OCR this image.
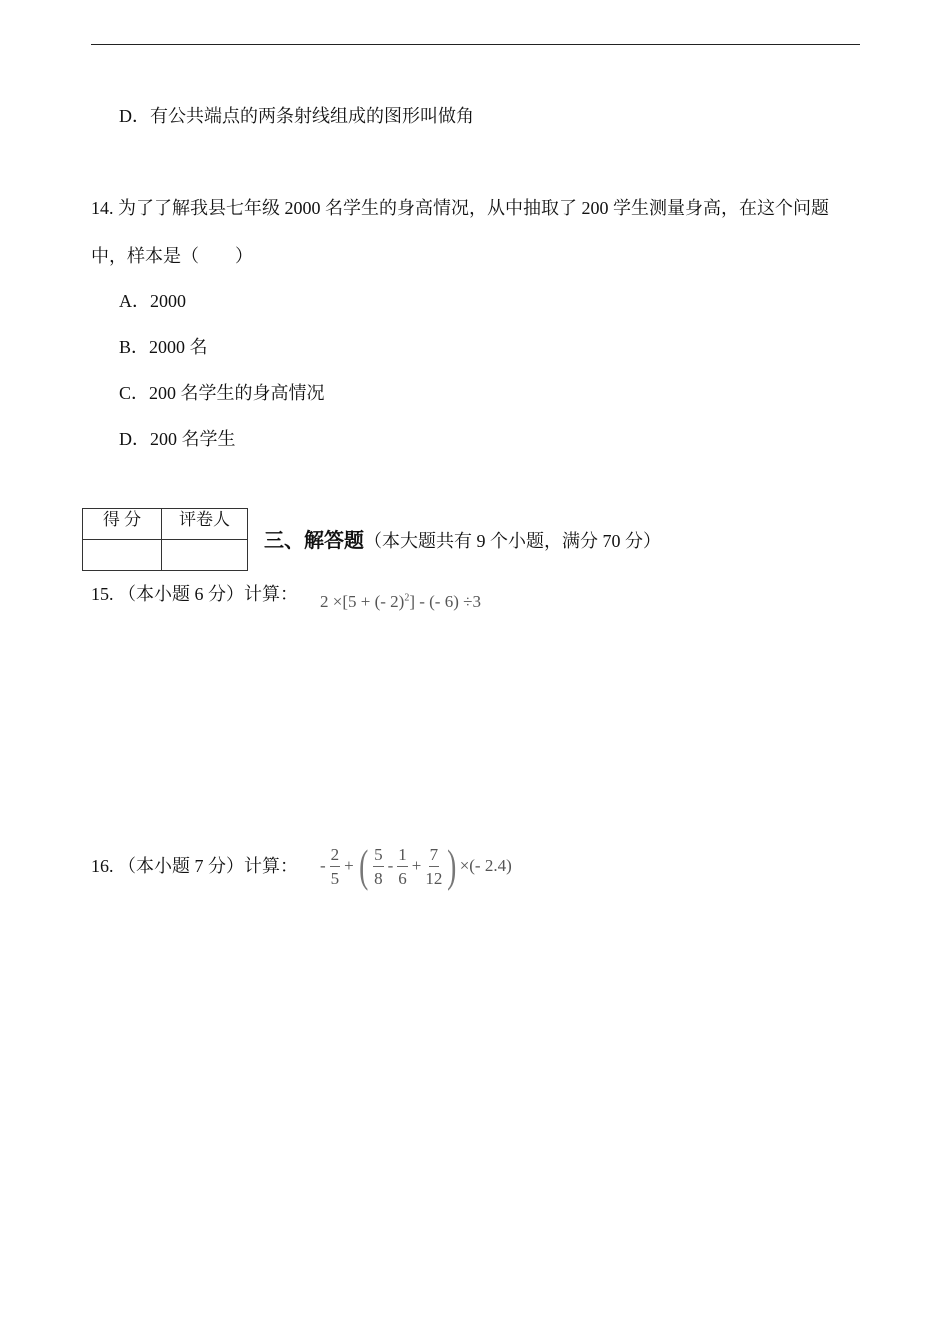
D．有公共端点的两条射线组成的图形叫做角
14. 为了了解我县七年级 2000 名学生的身高情况，从中抽取了 200 学生测量身高，在这个问题
中，样本是（　　）
A．2000
B．2000 名
C．200 名学生的身高情况
D．200 名学生
得 分	评卷人

三、解答题（本大题共有 9 个小题，满分 70 分）
15. （本小题 6 分）计算： 2 ×[5 + (- 2)$^2$] - (- 6) ÷3
16. （本小题 7 分）计算： - $\frac{2}{5}$ + ( $\frac{5}{8} - \frac{1}{6} + \frac{7}{12}$ ) ×(- 2.4)
